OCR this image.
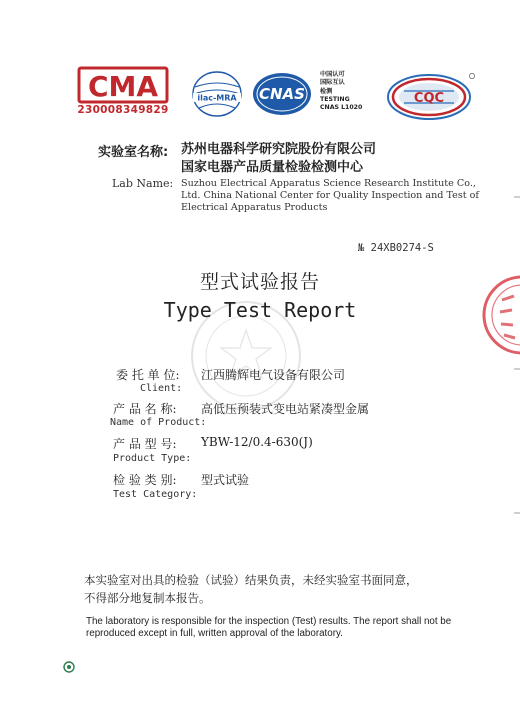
CMA
230008349829
ilac-MRA CNAS
中国认可
国际互认
检测
TESTING
CNAS L1020
CQC
实验室名称: 苏州电器科学研究院股份有限公司
国家电器产品质量检验检测中心
Lab Name: Suzhou Electrical Apparatus Science Research Institute Co., Ltd. China National Center for Quality Inspection and Test of Electrical Apparatus Products
№ 24XB0274-S
型式试验报告
Type Test Report
委 托 单 位: 江西腾辉电气设备有限公司
Client:
产 品 名 称: 高低压预装式变电站紧凑型金属
Name of Product:
产 品 型 号: YBW-12/0.4-630(J)
Product Type:
检 验 类 别: 型式试验
Test Category:
本实验室对出具的检验（试验）结果负责，未经实验室书面同意，
不得部分地复制本报告。
The laboratory is responsible for the inspection (Test) results. The report shall not be reproduced except in full, written approval of the laboratory.
